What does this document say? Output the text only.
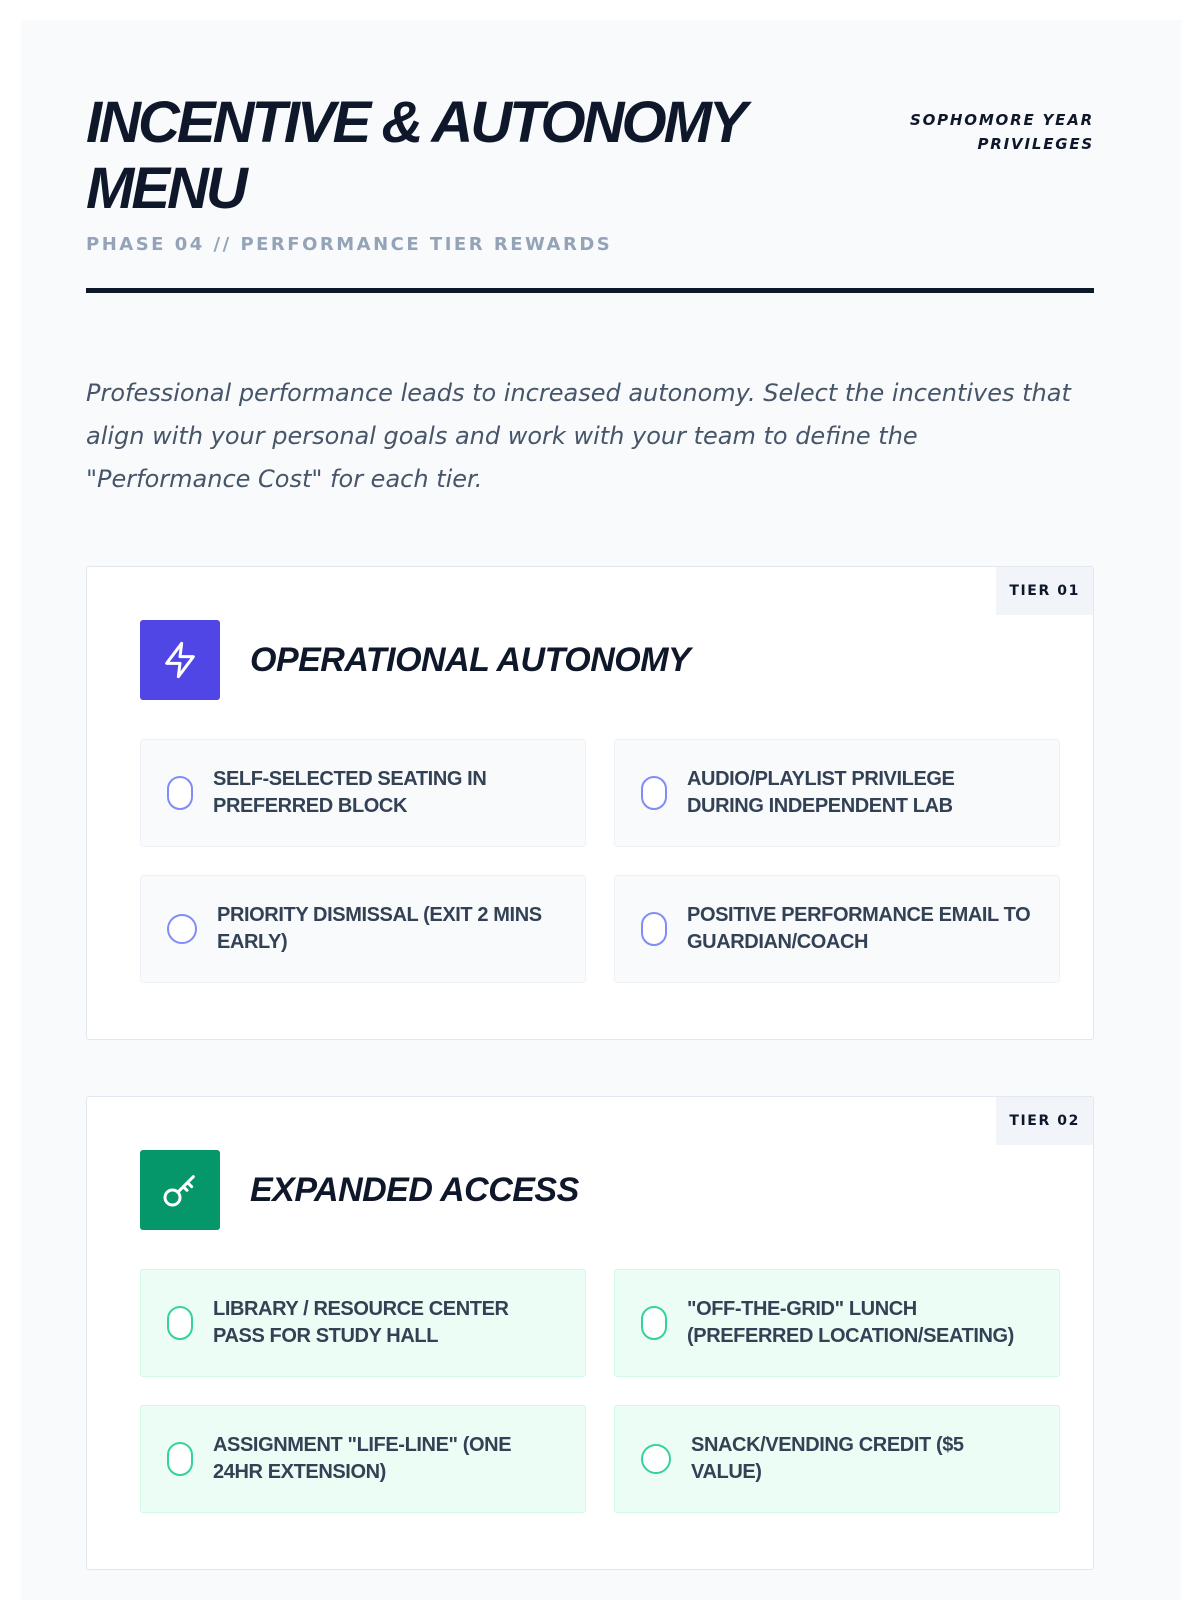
INCENTIVE & AUTONOMY MENU
PHASE 04 // PERFORMANCE TIER REWARDS
SOPHOMORE YEAR PRIVILEGES

Professional performance leads to increased autonomy. Select the incentives that align with your personal goals and work with your team to define the "Performance Cost" for each tier.

TIER 01
OPERATIONAL AUTONOMY
SELF-SELECTED SEATING IN PREFERRED BLOCK
AUDIO/PLAYLIST PRIVILEGE DURING INDEPENDENT LAB
PRIORITY DISMISSAL (EXIT 2 MINS EARLY)
POSITIVE PERFORMANCE EMAIL TO GUARDIAN/COACH
TIER 02
EXPANDED ACCESS
LIBRARY / RESOURCE CENTER PASS FOR STUDY HALL
"OFF-THE-GRID" LUNCH (PREFERRED LOCATION/SEATING)
ASSIGNMENT "LIFE-LINE" (ONE 24HR EXTENSION)
SNACK/VENDING CREDIT ($5 VALUE)
